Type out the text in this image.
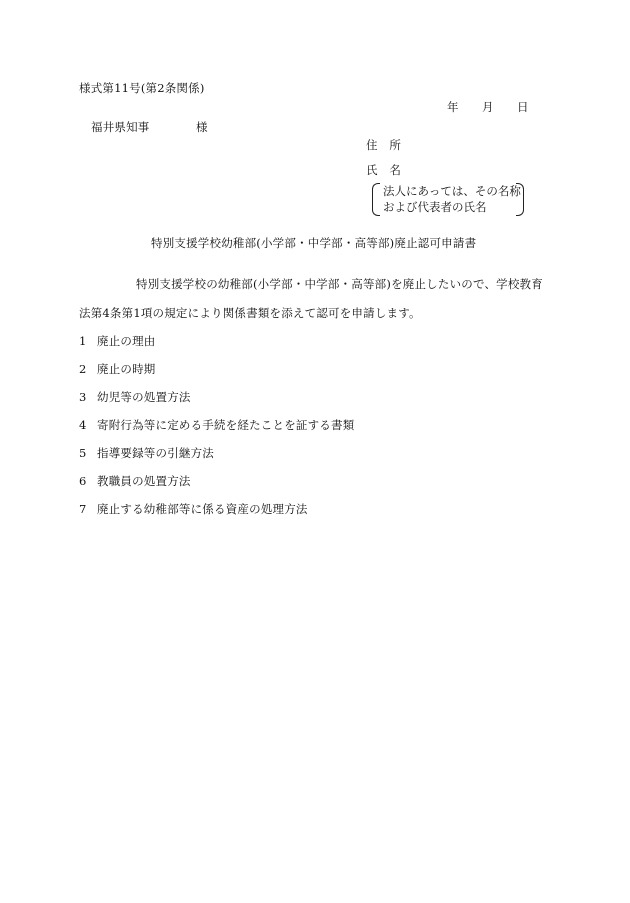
様式第11号(第2条関係)
年 月 日
福井県知事	様
住　所
氏　名
法人にあっては、その名称
および代表者の氏名
特別支援学校幼稚部(小学部・中学部・高等部)廃止認可申請書
特別支援学校の幼稚部(小学部・中学部・高等部)を廃止したいので、学校教育
法第4条第1項の規定により関係書類を添えて認可を申請します。
1 廃止の理由
2 廃止の時期
3 幼児等の処置方法
4 寄附行為等に定める手続を経たことを証する書類
5 指導要録等の引継方法
6 教職員の処置方法
7 廃止する幼稚部等に係る資産の処理方法
